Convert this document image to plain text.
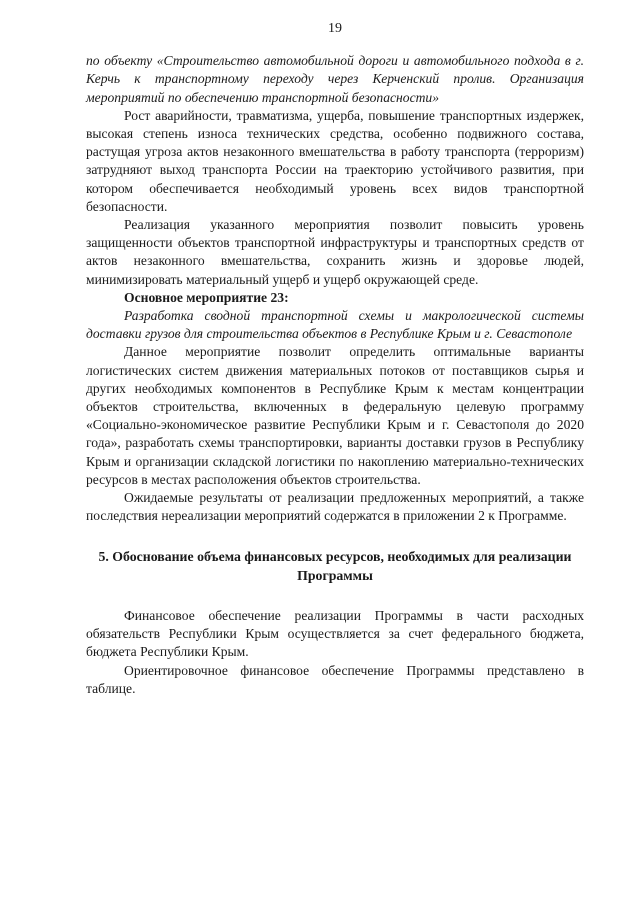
19

по объекту «Строительство автомобильной дороги и автомобильного подхода в г. Керчь к транспортному переходу через Керченский пролив. Организация мероприятий по обеспечению транспортной безопасности»

Рост аварийности, травматизма, ущерба, повышение транспортных издержек, высокая степень износа технических средства, особенно подвижного состава, растущая угроза актов незаконного вмешательства в работу транспорта (терроризм) затрудняют выход транспорта России на траекторию устойчивого развития, при котором обеспечивается необходимый уровень всех видов транспортной безопасности.

Реализация указанного мероприятия позволит повысить уровень защищенности объектов транспортной инфраструктуры и транспортных средств от актов незаконного вмешательства, сохранить жизнь и здоровье людей, минимизировать материальный ущерб и ущерб окружающей среде.

Основное мероприятие 23:

Разработка сводной транспортной схемы и макрологической системы доставки грузов для строительства объектов в Республике Крым и г. Севастополе

Данное мероприятие позволит определить оптимальные варианты логистических систем движения материальных потоков от поставщиков сырья и других необходимых компонентов в Республике Крым к местам концентрации объектов строительства, включенных в федеральную целевую программу «Социально-экономическое развитие Республики Крым и г. Севастополя до 2020 года», разработать схемы транспортировки, варианты доставки грузов в Республику Крым и организации складской логистики по накоплению материально-технических ресурсов в местах расположения объектов строительства.

Ожидаемые результаты от реализации предложенных мероприятий, а также последствия нереализации мероприятий содержатся в приложении 2 к Программе.

5. Обоснование объема финансовых ресурсов, необходимых для реализации Программы

Финансовое обеспечение реализации Программы в части расходных обязательств Республики Крым осуществляется за счет федерального бюджета, бюджета Республики Крым.

Ориентировочное финансовое обеспечение Программы представлено в таблице.
